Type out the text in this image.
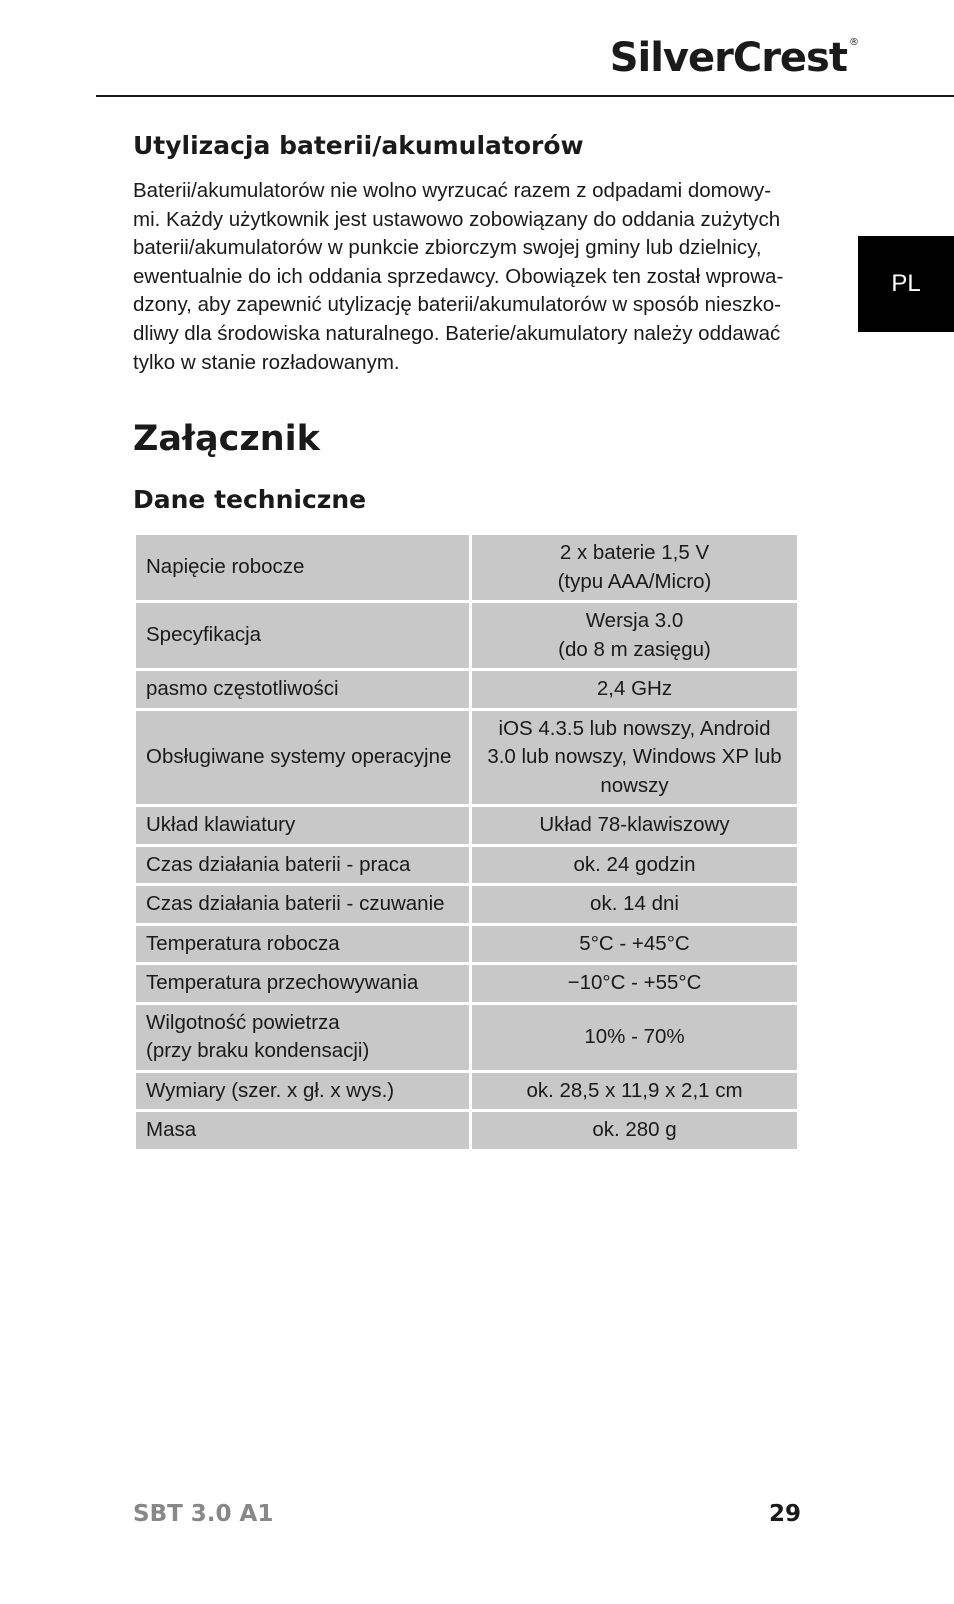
SilverCrest ®
PL
Utylizacja baterii/akumulatorów
Baterii/akumulatorów nie wolno wyrzucać razem z odpadami domowy-
mi. Każdy użytkownik jest ustawowo zobowiązany do oddania zużytych
baterii/akumulatorów w punkcie zbiorczym swojej gminy lub dzielnicy,
ewentualnie do ich oddania sprzedawcy. Obowiązek ten został wprowa-
dzony, aby zapewnić utylizację baterii/akumulatorów w sposób nieszko-
dliwy dla środowiska naturalnego. Baterie/akumulatory należy oddawać
tylko w stanie rozładowanym.
Załącznik
Dane techniczne
Napięcie robocze	2 x baterie 1,5 V
(typu AAA/Micro)
Specyfikacja	Wersja 3.0
(do 8 m zasięgu)
pasmo częstotliwości	2,4 GHz
Obsługiwane systemy operacyjne	iOS 4.3.5 lub nowszy, Android
3.0 lub nowszy, Windows XP lub
nowszy
Układ klawiatury	Układ 78-klawiszowy
Czas działania baterii - praca	ok. 24 godzin
Czas działania baterii - czuwanie	ok. 14 dni
Temperatura robocza	5°C - +45°C
Temperatura przechowywania	−10°C - +55°C
Wilgotność powietrza
(przy braku kondensacji)	10% - 70%
Wymiary (szer. x gł. x wys.)	ok. 28,5 x 11,9 x 2,1 cm
Masa	ok. 280 g
SBT 3.0 A1	29
